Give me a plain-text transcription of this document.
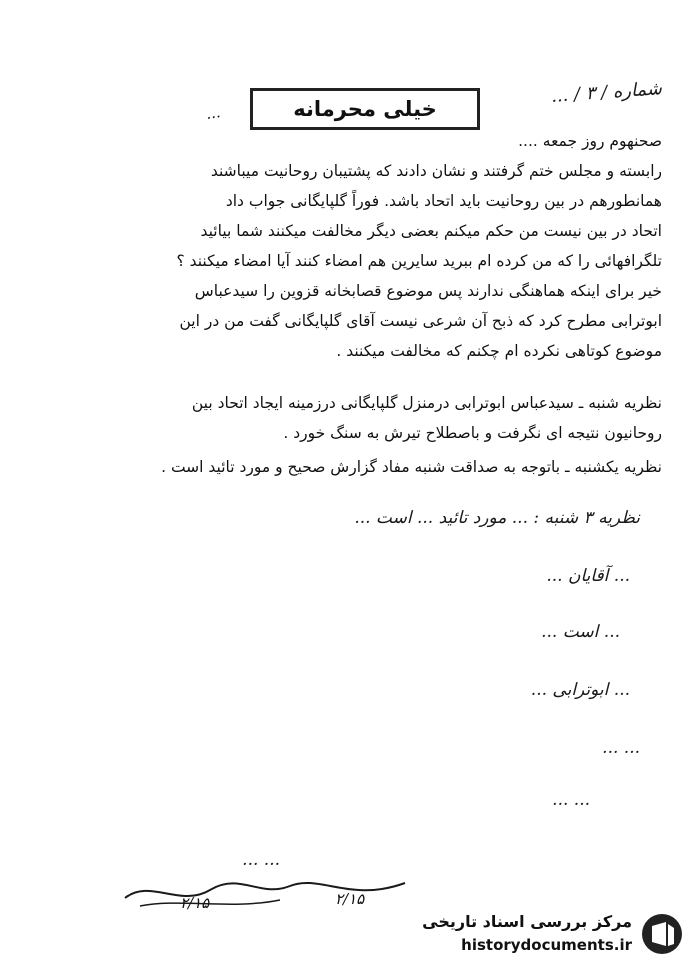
شماره / ۳ / ...
...	خیلی محرمانه
صحنهوم روز جمعه ....
رابسته و مجلس ختم گرفتند و نشان دادند که پشتیبان روحانیت میباشند
همانطورهم در بین روحانیت باید اتحاد باشد. فوراً گلپایگانی جواب داد
اتحاد در بین نیست من حکم میکنم بعضی دیگر مخالفت میکنند شما بیائید
تلگرافهائی را که من کرده ام ببرید سایرین هم امضاء کنند آیا امضاء میکنند ؟
خیر برای اینکه هماهنگی ندارند پس موضوع قصابخانه قزوین را سیدعباس
ابوترابی مطرح کرد که ذبح آن شرعی نیست آقای گلپایگانی گفت من در این
موضوع کوتاهی نکرده ام چکنم که مخالفت میکنند .
نظریه شنبه ـ سیدعباس ابوترابی درمنزل گلپایگانی درزمینه ایجاد اتحاد بین
روحانیون نتیجه ای نگرفت و باصطلاح تیرش به سنگ خورد .
نظریه یکشنبه ـ باتوجه به صداقت شنبه مفاد گزارش صحیح و مورد تائید است .
نظریه ۳ شنبه : ... مورد تائید ... است ...
... آقایان ...
... است ...
... ابوترابی ...
... ...
... ...
... ...
۲/۱۵	۲/۱۵
مرکز بررسی اسناد تاریخی
historydocuments.ir
